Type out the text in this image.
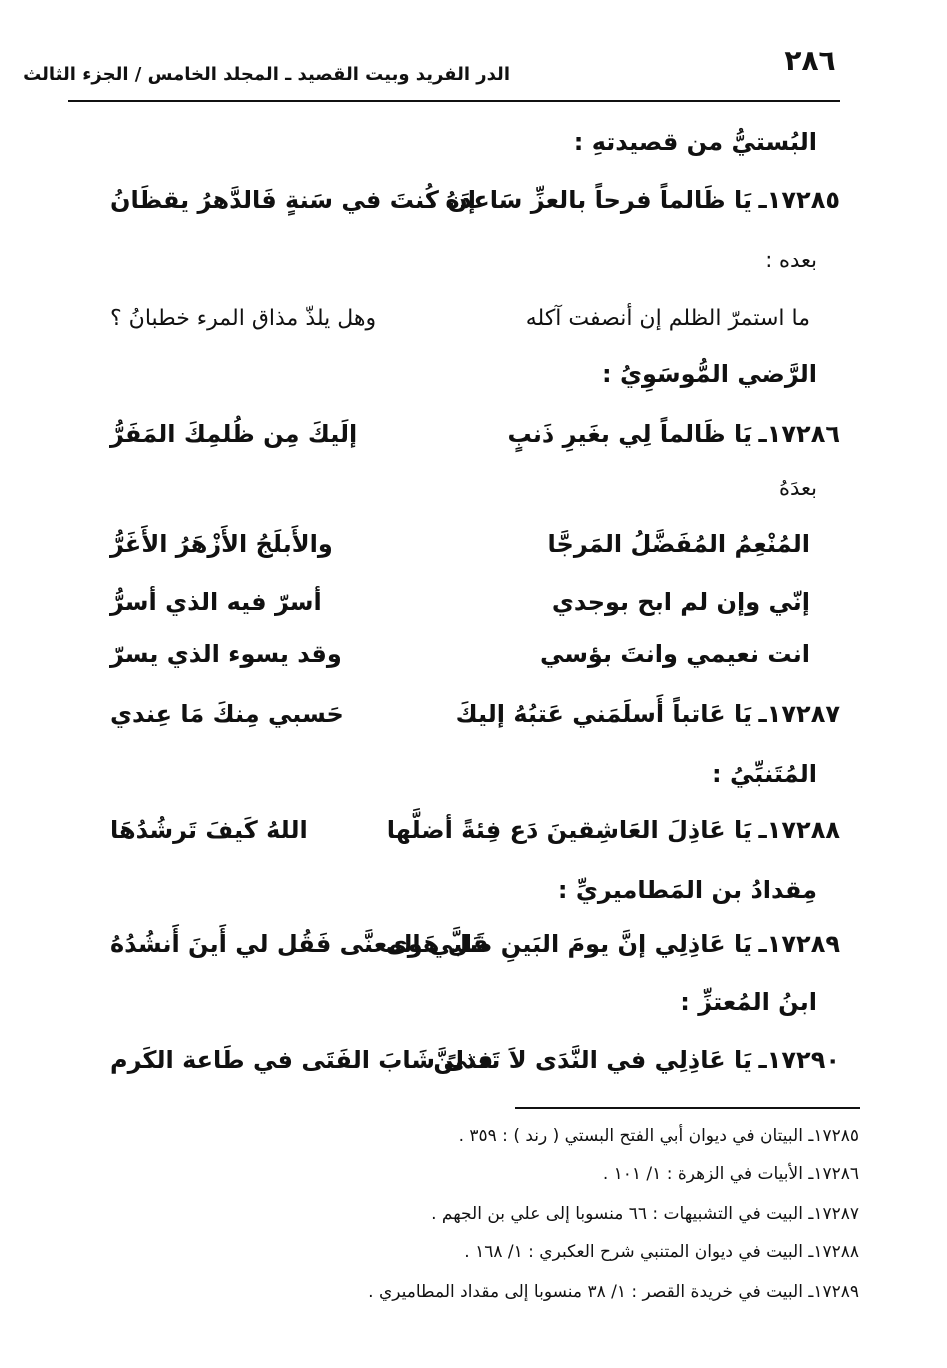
٢٨٦
الدر الفريد وبيت القصيد ـ المجلد الخامس / الجزء الثالث
البُستيُّ من قصيدتهِ :
١٧٢٨٥ـ
يَا ظَالماً فرحاً بالعزِّ سَاعدَهُ
إن كُنتَ في سَنةٍ فَالدَّهرُ يقظَانُ
بعده :
ما استمرّ الظلم إن أنصفت آكله
وهل يلذّ مذاق المرء خطبانُ ؟
الرَّضي المُّوسَوِيُ :
١٧٢٨٦ـ
يَا ظَالماً لِي بغَيرِ ذَنبٍ
إلَيكَ مِن ظُلمِكَ المَفَرُّ
بعدَهُ
المُنْعِمُ المُفَضَّلُ المَرجَّا
والأَبلَجُ الأَزْهَرُ الأَغَرُّ
إنّي وإن لم ابح بوجدي
أسرّ فيه الذي أسرُّ
انت نعيمي وانتَ بؤسي
وقد يسوء الذي يسرّ
١٧٢٨٧ـ
يَا عَاتباً أَسلَمَني عَتبُهُ إليكَ
حَسبي مِنكَ مَا عِندي
المُتَنبِّيُ :
١٧٢٨٨ـ
يَا عَاذِلَ العَاشِقينَ دَع فِئةً أضلَّها
اللهُ كَيفَ تَرشُدُهَا
مِقدادُ بن المَطاميريِّ :
١٧٢٨٩ـ
يَا عَاذِلِي إنَّ يومَ البَينِ ضَلَّ هَوى
قَلبي المعنَّى فَقُل لي أَينَ أَنشُدُهُ
ابنُ المُعتزِّ :
١٧٢٩٠ـ
يَا عَاذِلِي في النَّدَى لاَ تَعذلنَّ
فتىً شَابَ الفَتَى في طَاعة الكَرم
١٧٢٨٥ـ البيتان في ديوان أبي الفتح البستي ( رند ) : ٣٥٩ .
١٧٢٨٦ـ الأبيات في الزهرة : ١/ ١٠١ .
١٧٢٨٧ـ البيت في التشبيهات : ٦٦ منسوبا إلى علي بن الجهم .
١٧٢٨٨ـ البيت في ديوان المتنبي شرح العكبري : ١/ ١٦٨ .
١٧٢٨٩ـ البيت في خريدة القصر : ١/ ٣٨ منسوبا إلى مقداد المطاميري .
